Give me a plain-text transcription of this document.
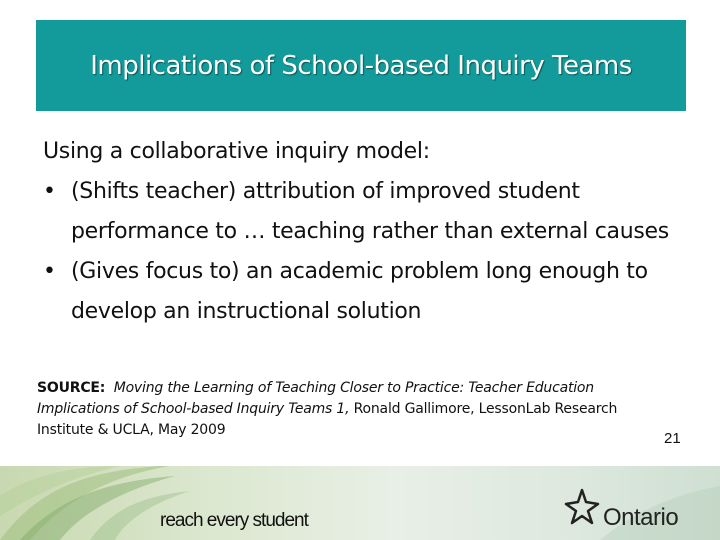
Implications of School-based Inquiry Teams
Using a collaborative inquiry model:
• (Shifts teacher) attribution of improved student performance to … teaching rather than external causes
• (Gives focus to) an academic problem long enough to develop an instructional solution
SOURCE: Moving the Learning of Teaching Closer to Practice: Teacher Education Implications of School-based Inquiry Teams 1, Ronald Gallimore, LessonLab Research Institute & UCLA, May 2009	21
reach every student	Ontario
